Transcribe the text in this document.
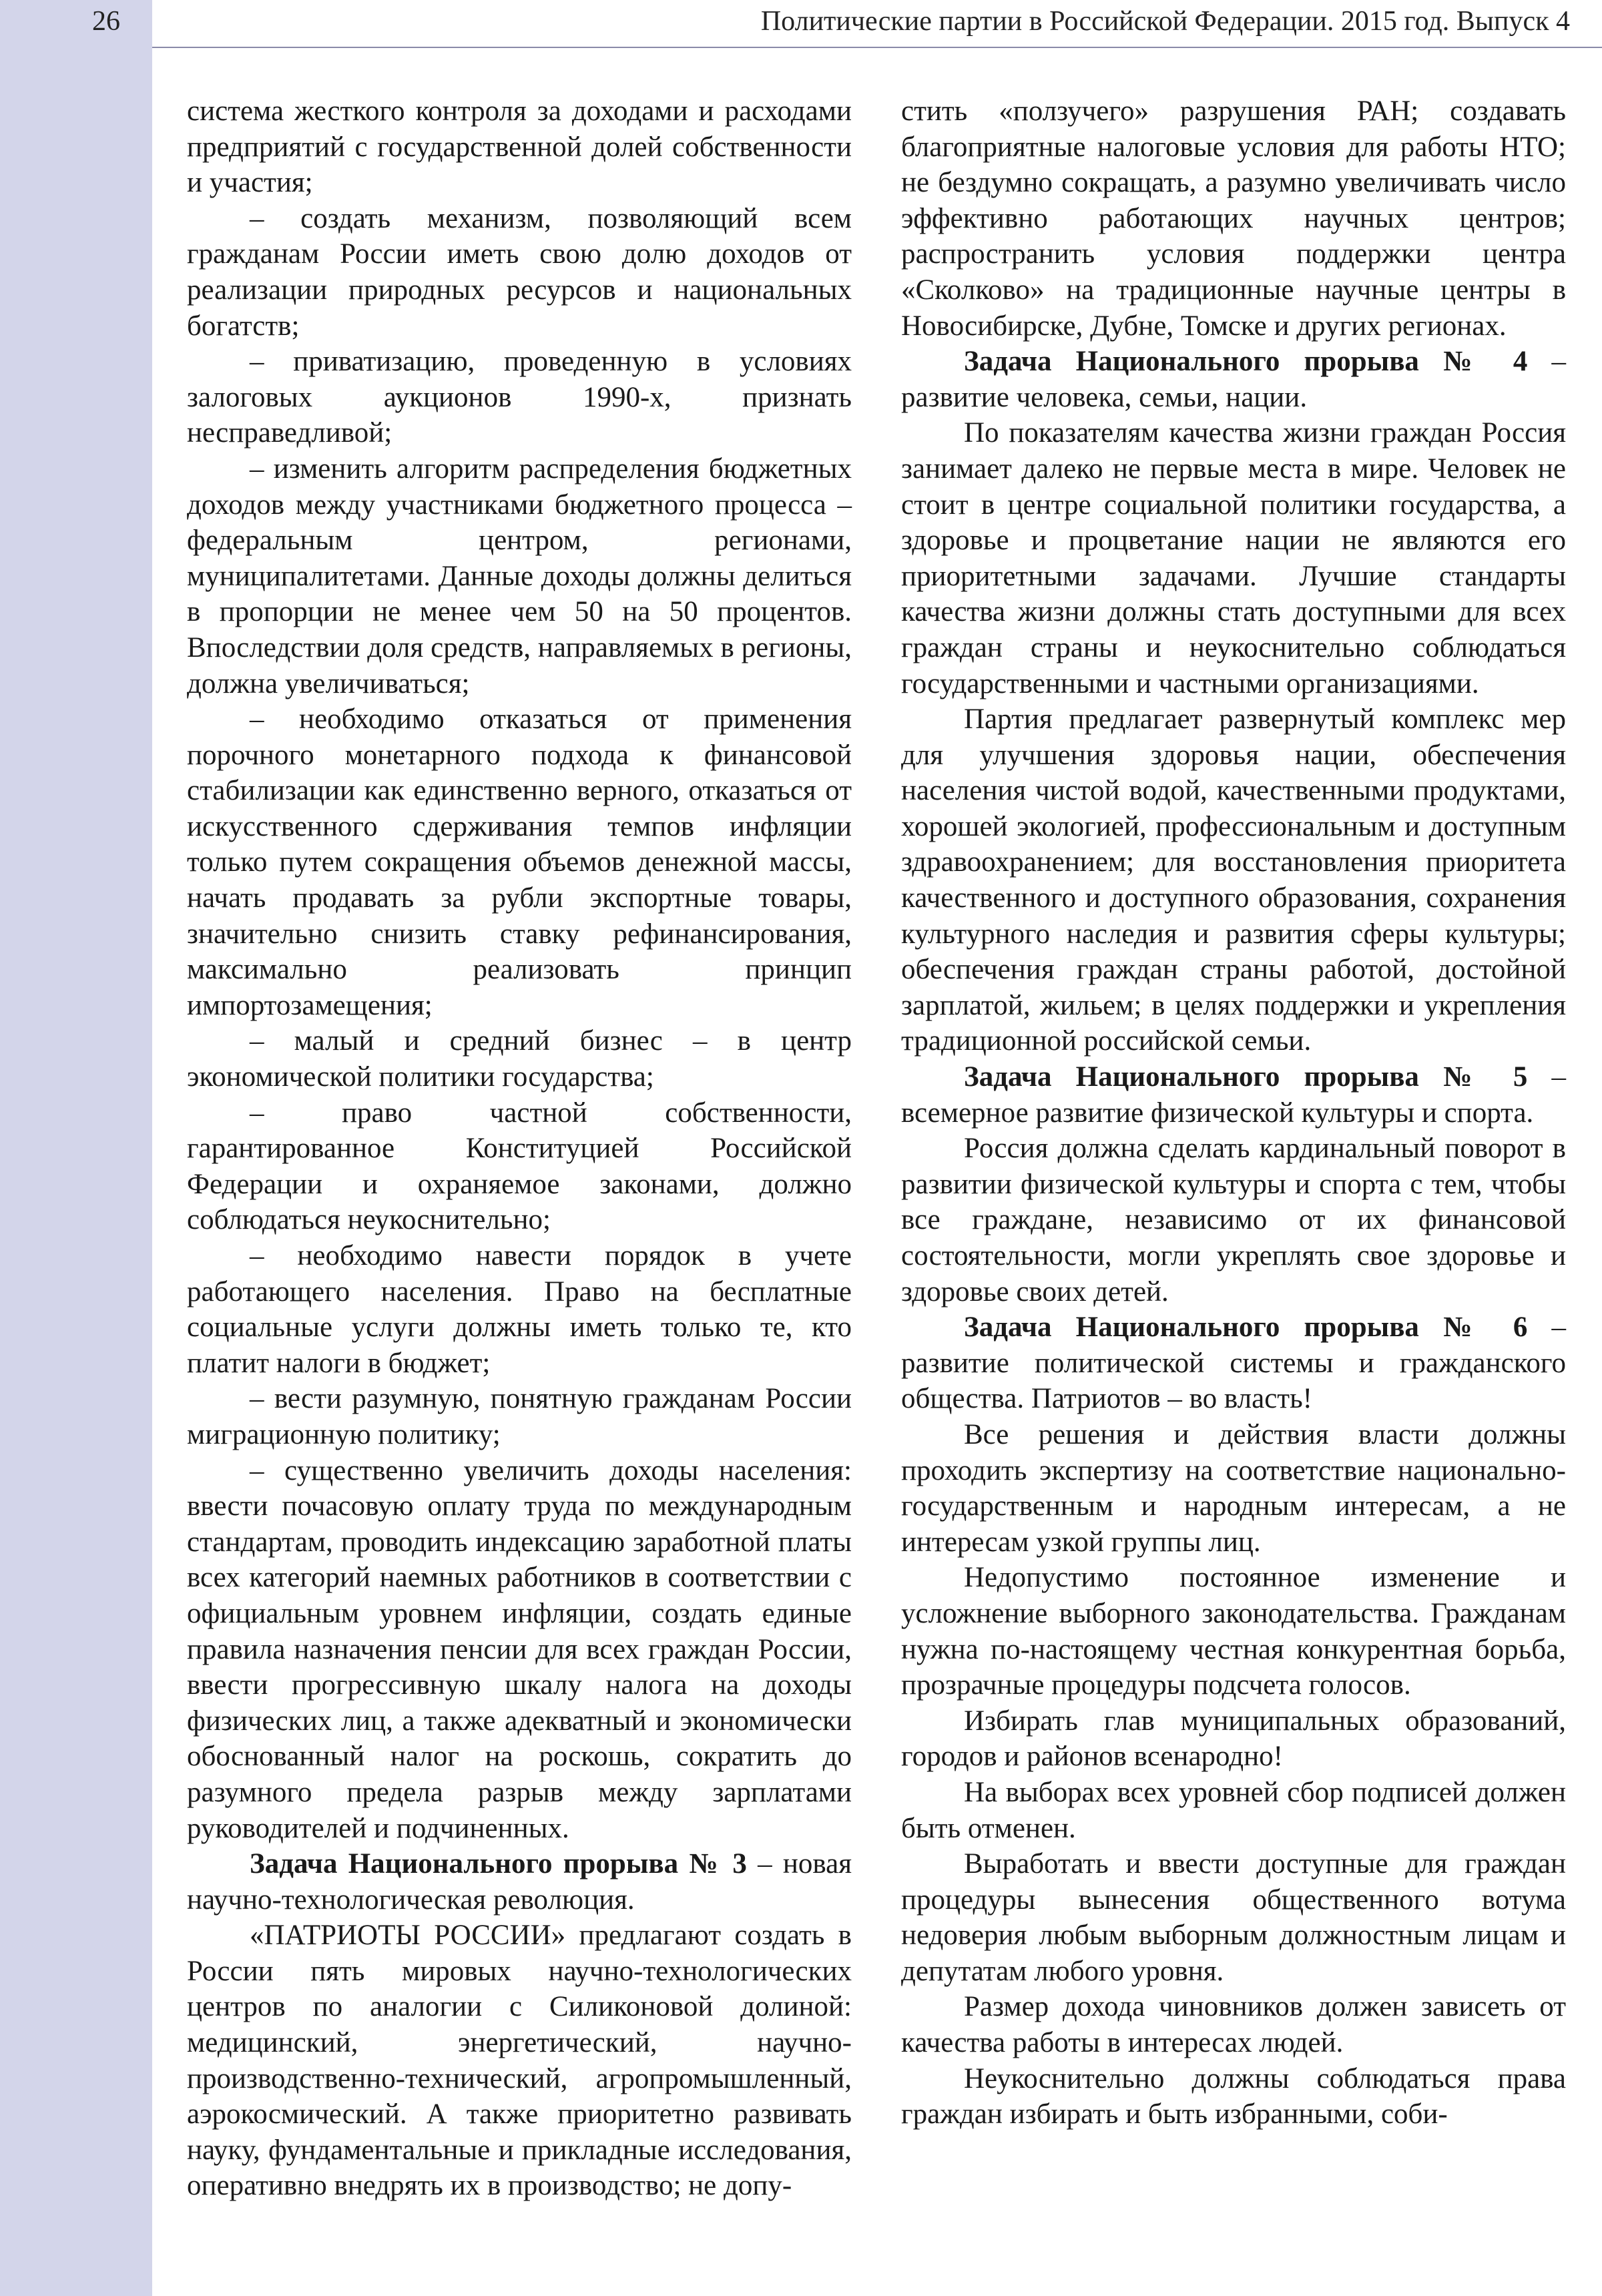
26	Политические партии в Российской Федерации. 2015 год. Выпуск 4

система жесткого контроля за доходами и расходами предприятий с государственной долей собственности и участия;

– создать механизм, позволяющий всем гражданам России иметь свою долю доходов от реализации природных ресурсов и национальных богатств;

– приватизацию, проведенную в условиях залоговых аукционов 1990-х, признать несправедливой;

– изменить алгоритм распределения бюджетных доходов между участниками бюджетного процесса – федеральным центром, регионами, муниципалитетами. Данные доходы должны делиться в пропорции не менее чем 50 на 50 процентов. Впоследствии доля средств, направляемых в регионы, должна увеличиваться;

– необходимо отказаться от применения порочного монетарного подхода к финансовой стабилизации как единственно верного, отказаться от искусственного сдерживания темпов инфляции только путем сокращения объемов денежной массы, начать продавать за рубли экспортные товары, значительно снизить ставку рефинансирования, максимально реализовать принцип импортозамещения;

– малый и средний бизнес – в центр экономической политики государства;

– право частной собственности, гарантированное Конституцией Российской Федерации и охраняемое законами, должно соблюдаться неукоснительно;

– необходимо навести порядок в учете работающего населения. Право на бесплатные социальные услуги должны иметь только те, кто платит налоги в бюджет;

– вести разумную, понятную гражданам России миграционную политику;

– существенно увеличить доходы населения: ввести почасовую оплату труда по международным стандартам, проводить индексацию заработной платы всех категорий наемных работников в соответствии с официальным уровнем инфляции, создать единые правила назначения пенсии для всех граждан России, ввести прогрессивную шкалу налога на доходы физических лиц, а также адекватный и экономически обоснованный налог на роскошь, сократить до разумного предела разрыв между зарплатами руководителей и подчиненных.

Задача Национального прорыва № 3 – новая научно-технологическая революция.

«ПАТРИОТЫ РОССИИ» предлагают создать в России пять мировых научно-технологических центров по аналогии с Силиконовой долиной: медицинский, энергетический, научно-производственно-технический, агропромышленный, аэрокосмический. А также приоритетно развивать науку, фундаментальные и прикладные исследования, оперативно внедрять их в производство; не допу-

стить «ползучего» разрушения РАН; создавать благоприятные налоговые условия для работы НТО; не бездумно сокращать, а разумно увеличивать число эффективно работающих научных центров; распространить условия поддержки центра «Сколково» на традиционные научные центры в Новосибирске, Дубне, Томске и других регионах.

Задача Национального прорыва № 4 – развитие человека, семьи, нации.

По показателям качества жизни граждан Россия занимает далеко не первые места в мире. Человек не стоит в центре социальной политики государства, а здоровье и процветание нации не являются его приоритетными задачами. Лучшие стандарты качества жизни должны стать доступными для всех граждан страны и неукоснительно соблюдаться государственными и частными организациями.

Партия предлагает развернутый комплекс мер для улучшения здоровья нации, обеспечения населения чистой водой, качественными продуктами, хорошей экологией, профессиональным и доступным здравоохранением; для восстановления приоритета качественного и доступного образования, сохранения культурного наследия и развития сферы культуры; обеспечения граждан страны работой, достойной зарплатой, жильем; в целях поддержки и укрепления традиционной российской семьи.

Задача Национального прорыва № 5 – всемерное развитие физической культуры и спорта.

Россия должна сделать кардинальный поворот в развитии физической культуры и спорта с тем, чтобы все граждане, независимо от их финансовой состоятельности, могли укреплять свое здоровье и здоровье своих детей.

Задача Национального прорыва № 6 – развитие политической системы и гражданского общества. Патриотов – во власть!

Все решения и действия власти должны проходить экспертизу на соответствие национально-государственным и народным интересам, а не интересам узкой группы лиц.

Недопустимо постоянное изменение и усложнение выборного законодательства. Гражданам нужна по-настоящему честная конкурентная борьба, прозрачные процедуры подсчета голосов.

Избирать глав муниципальных образований, городов и районов всенародно!

На выборах всех уровней сбор подписей должен быть отменен.

Выработать и ввести доступные для граждан процедуры вынесения общественного вотума недоверия любым выборным должностным лицам и депутатам любого уровня.

Размер дохода чиновников должен зависеть от качества работы в интересах людей.

Неукоснительно должны соблюдаться права граждан избирать и быть избранными, соби-
